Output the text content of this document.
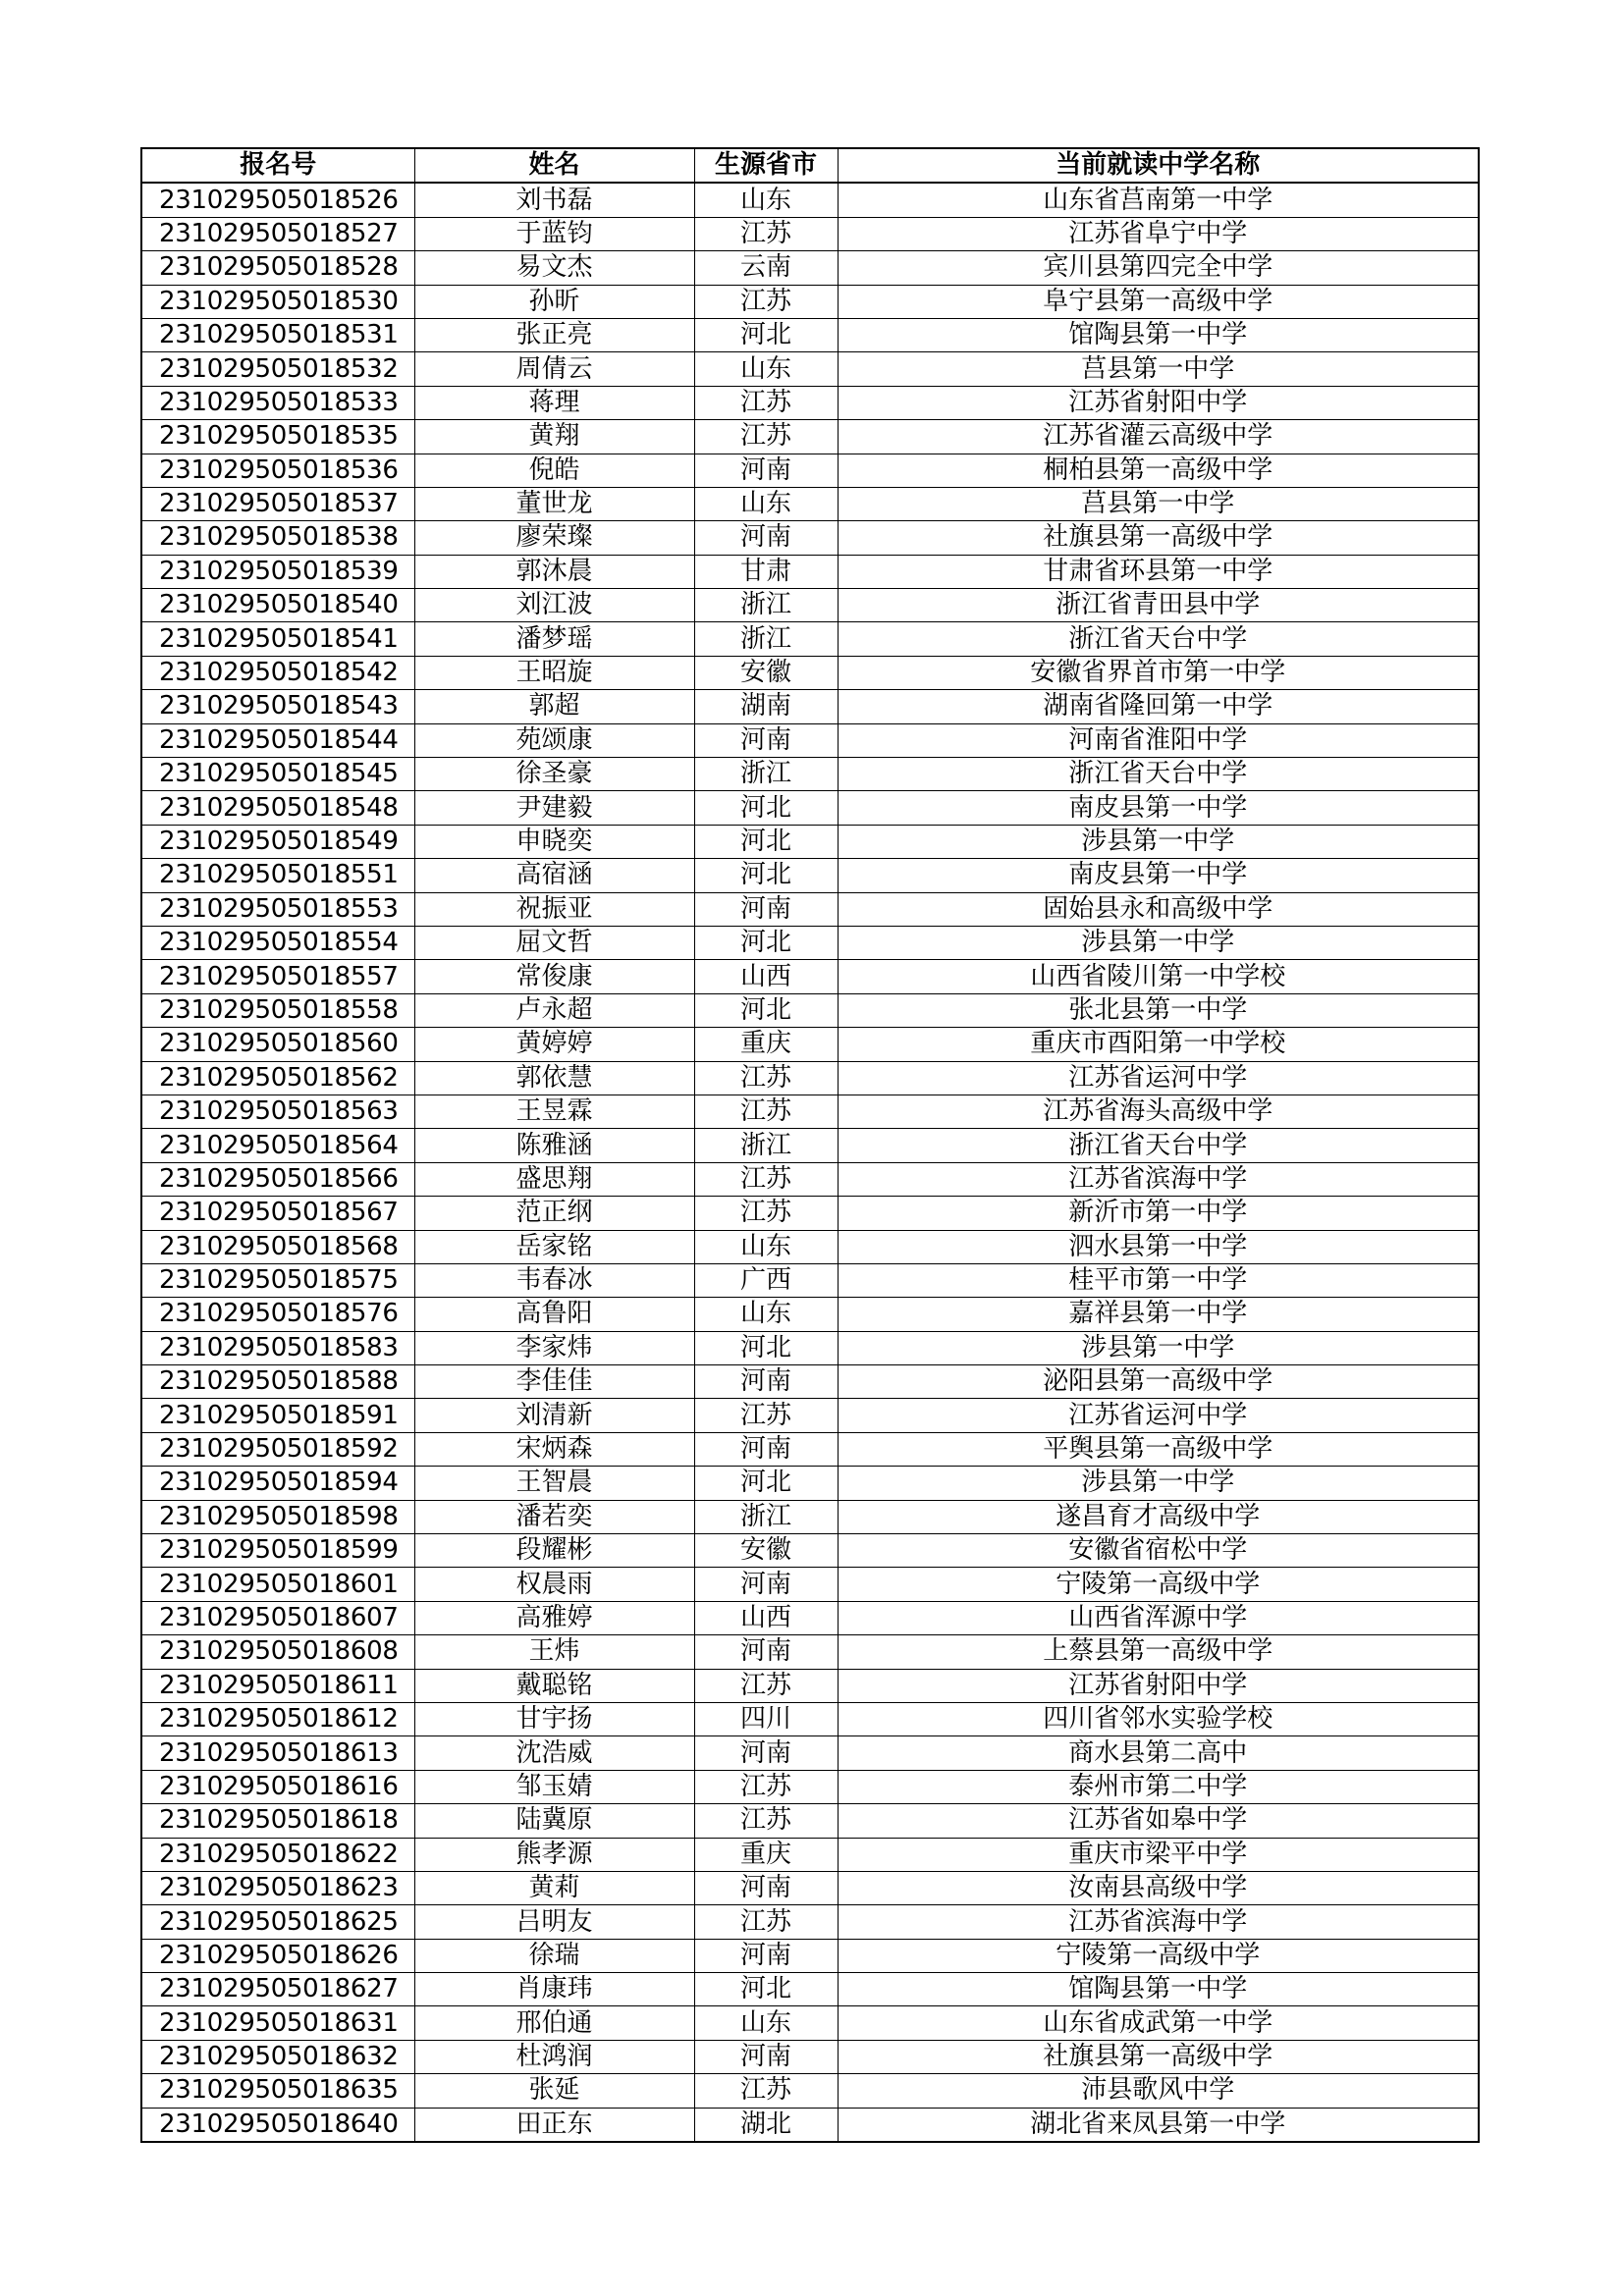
报名号	姓名	生源省市	当前就读中学名称
231029505018526	刘书磊	山东	山东省莒南第一中学
231029505018527	于蓝钧	江苏	江苏省阜宁中学
231029505018528	易文杰	云南	宾川县第四完全中学
231029505018530	孙昕	江苏	阜宁县第一高级中学
231029505018531	张正亮	河北	馆陶县第一中学
231029505018532	周倩云	山东	莒县第一中学
231029505018533	蒋理	江苏	江苏省射阳中学
231029505018535	黄翔	江苏	江苏省灌云高级中学
231029505018536	倪皓	河南	桐柏县第一高级中学
231029505018537	董世龙	山东	莒县第一中学
231029505018538	廖荣璨	河南	社旗县第一高级中学
231029505018539	郭沐晨	甘肃	甘肃省环县第一中学
231029505018540	刘江波	浙江	浙江省青田县中学
231029505018541	潘梦瑶	浙江	浙江省天台中学
231029505018542	王昭旋	安徽	安徽省界首市第一中学
231029505018543	郭超	湖南	湖南省隆回第一中学
231029505018544	苑颂康	河南	河南省淮阳中学
231029505018545	徐圣豪	浙江	浙江省天台中学
231029505018548	尹建毅	河北	南皮县第一中学
231029505018549	申晓奕	河北	涉县第一中学
231029505018551	高宿涵	河北	南皮县第一中学
231029505018553	祝振亚	河南	固始县永和高级中学
231029505018554	屈文哲	河北	涉县第一中学
231029505018557	常俊康	山西	山西省陵川第一中学校
231029505018558	卢永超	河北	张北县第一中学
231029505018560	黄婷婷	重庆	重庆市酉阳第一中学校
231029505018562	郭依慧	江苏	江苏省运河中学
231029505018563	王昱霖	江苏	江苏省海头高级中学
231029505018564	陈雅涵	浙江	浙江省天台中学
231029505018566	盛思翔	江苏	江苏省滨海中学
231029505018567	范正纲	江苏	新沂市第一中学
231029505018568	岳家铭	山东	泗水县第一中学
231029505018575	韦春冰	广西	桂平市第一中学
231029505018576	高鲁阳	山东	嘉祥县第一中学
231029505018583	李家炜	河北	涉县第一中学
231029505018588	李佳佳	河南	泌阳县第一高级中学
231029505018591	刘清新	江苏	江苏省运河中学
231029505018592	宋炳森	河南	平舆县第一高级中学
231029505018594	王智晨	河北	涉县第一中学
231029505018598	潘若奕	浙江	遂昌育才高级中学
231029505018599	段耀彬	安徽	安徽省宿松中学
231029505018601	权晨雨	河南	宁陵第一高级中学
231029505018607	高雅婷	山西	山西省浑源中学
231029505018608	王炜	河南	上蔡县第一高级中学
231029505018611	戴聪铭	江苏	江苏省射阳中学
231029505018612	甘宇扬	四川	四川省邻水实验学校
231029505018613	沈浩威	河南	商水县第二高中
231029505018616	邹玉婧	江苏	泰州市第二中学
231029505018618	陆冀原	江苏	江苏省如皋中学
231029505018622	熊孝源	重庆	重庆市梁平中学
231029505018623	黄莉	河南	汝南县高级中学
231029505018625	吕明友	江苏	江苏省滨海中学
231029505018626	徐瑞	河南	宁陵第一高级中学
231029505018627	肖康玮	河北	馆陶县第一中学
231029505018631	邢伯通	山东	山东省成武第一中学
231029505018632	杜鸿润	河南	社旗县第一高级中学
231029505018635	张延	江苏	沛县歌风中学
231029505018640	田正东	湖北	湖北省来凤县第一中学
